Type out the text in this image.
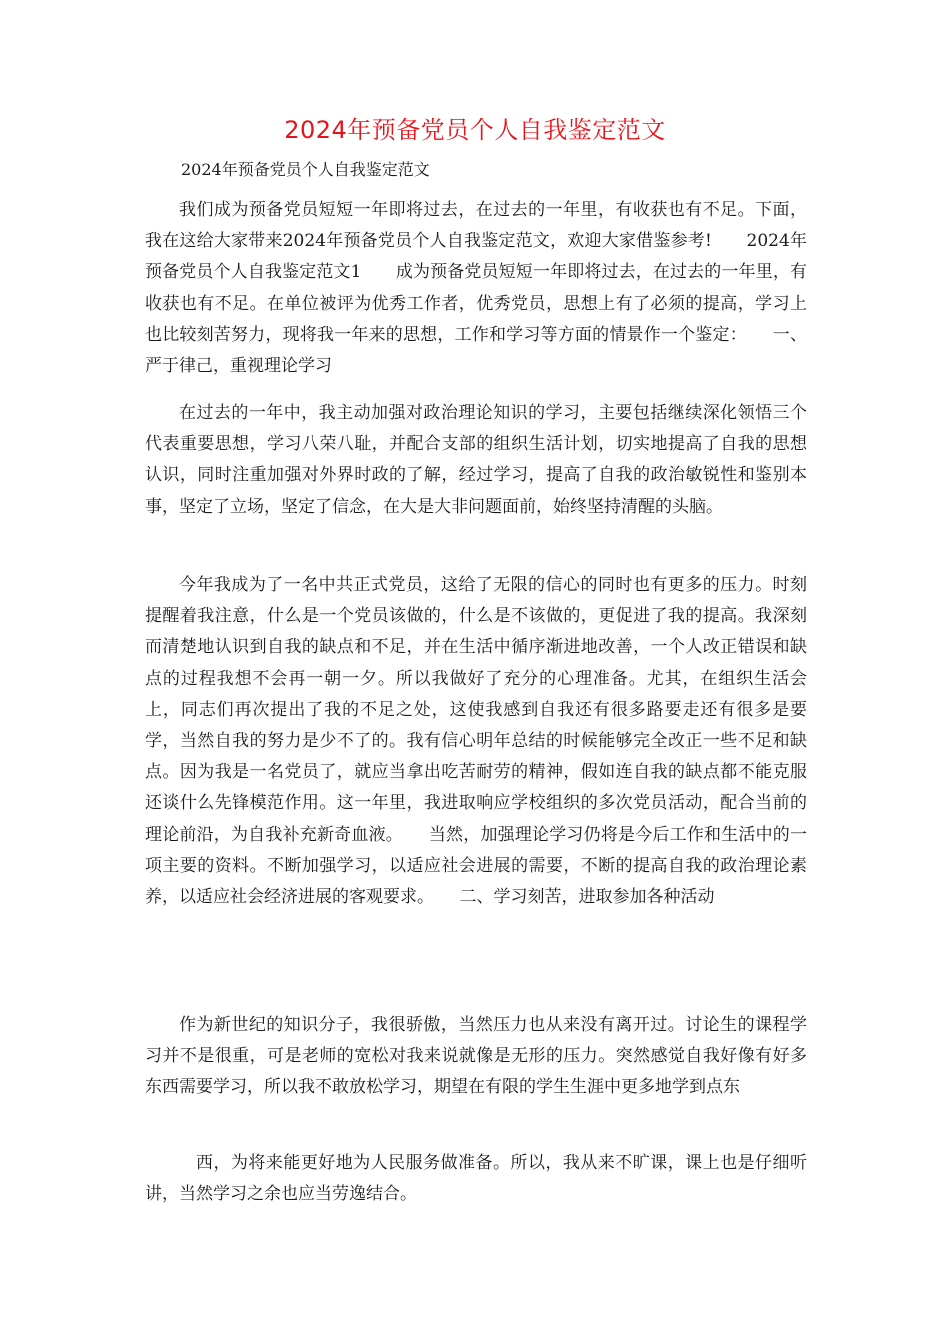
2024年预备党员个人自我鉴定范文

2024年预备党员个人自我鉴定范文

我们成为预备党员短短一年即将过去，在过去的一年里，有收获也有不足。下面，我在这给大家带来2024年预备党员个人自我鉴定范文，欢迎大家借鉴参考!　　2024年预备党员个人自我鉴定范文1　　成为预备党员短短一年即将过去，在过去的一年里，有收获也有不足。在单位被评为优秀工作者，优秀党员，思想上有了必须的提高，学习上也比较刻苦努力，现将我一年来的思想，工作和学习等方面的情景作一个鉴定：　　一、严于律己，重视理论学习

在过去的一年中，我主动加强对政治理论知识的学习，主要包括继续深化领悟三个代表重要思想，学习八荣八耻，并配合支部的组织生活计划，切实地提高了自我的思想认识，同时注重加强对外界时政的了解，经过学习，提高了自我的政治敏锐性和鉴别本事，坚定了立场，坚定了信念，在大是大非问题面前，始终坚持清醒的头脑。

今年我成为了一名中共正式党员，这给了无限的信心的同时也有更多的压力。时刻提醒着我注意，什么是一个党员该做的，什么是不该做的，更促进了我的提高。我深刻而清楚地认识到自我的缺点和不足，并在生活中循序渐进地改善，一个人改正错误和缺点的过程我想不会再一朝一夕。所以我做好了充分的心理准备。尤其，在组织生活会上，同志们再次提出了我的不足之处，这使我感到自我还有很多路要走还有很多是要学，当然自我的努力是少不了的。我有信心明年总结的时候能够完全改正一些不足和缺点。因为我是一名党员了，就应当拿出吃苦耐劳的精神，假如连自我的缺点都不能克服还谈什么先锋模范作用。这一年里，我进取响应学校组织的多次党员活动，配合当前的理论前沿，为自我补充新奇血液。　　当然，加强理论学习仍将是今后工作和生活中的一项主要的资料。不断加强学习，以适应社会进展的需要，不断的提高自我的政治理论素养，以适应社会经济进展的客观要求。　　二、学习刻苦，进取参加各种活动

作为新世纪的知识分子，我很骄傲，当然压力也从来没有离开过。讨论生的课程学习并不是很重，可是老师的宽松对我来说就像是无形的压力。突然感觉自我好像有好多东西需要学习，所以我不敢放松学习，期望在有限的学生生涯中更多地学到点东

西，为将来能更好地为人民服务做准备。所以，我从来不旷课，课上也是仔细听讲，当然学习之余也应当劳逸结合。
